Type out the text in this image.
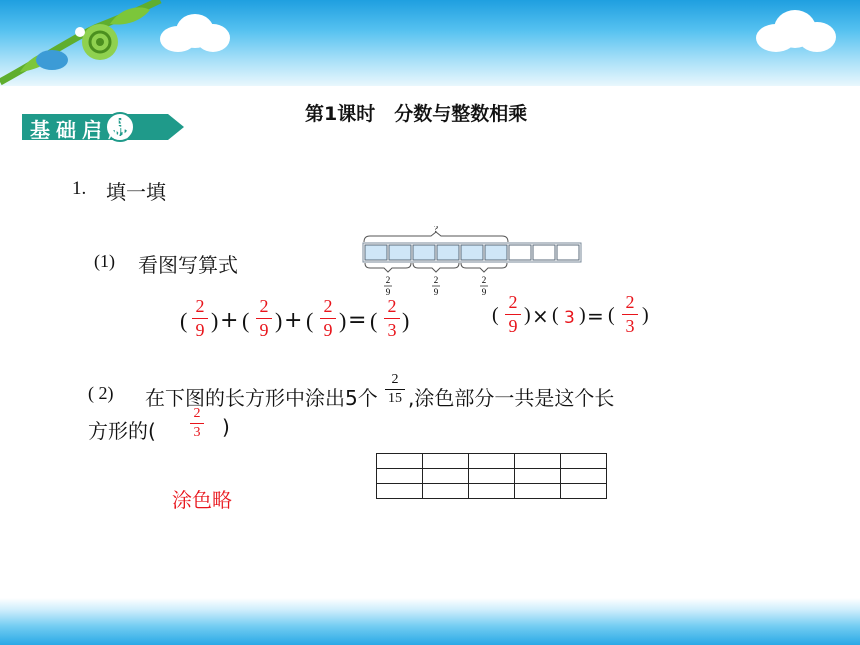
基础启航
第1课时　分数与整数相乘
1. 填一填
(1) 看图写算式
?
2
9
2
9
2
9
(
2
9 ) + (
2
9 ) + (
2
9 ) = (
2
3 )	(
2
9 ) × ( 3 ) = (
2
3 )
( 2) 在下图的长方形中涂出5个
2
15 ,涂色部分一共是这个长
方形的(
2
3 )
涂色略
